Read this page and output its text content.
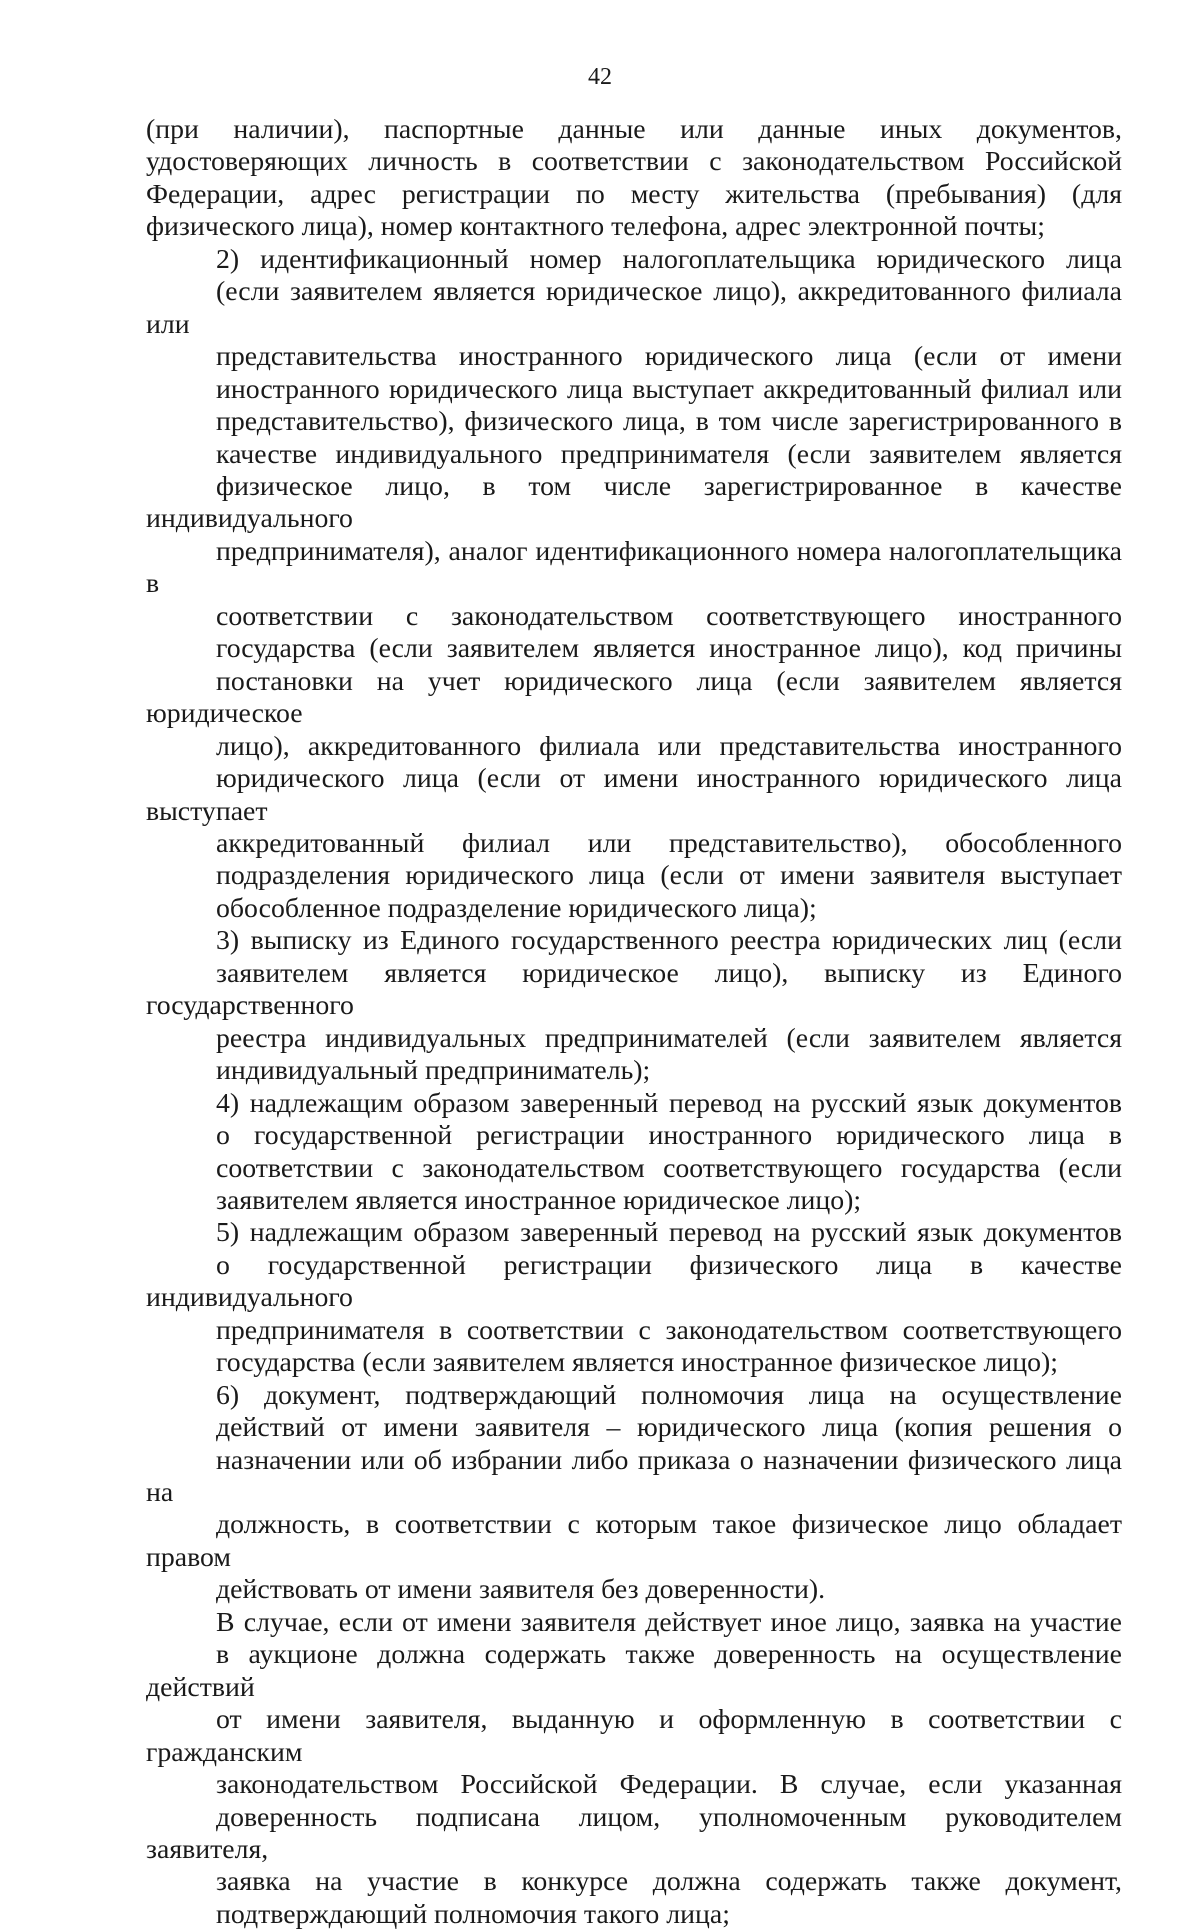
42

(при наличии), паспортные данные или данные иных документов,
удостоверяющих личность в соответствии с законодательством Российской
Федерации, адрес регистрации по месту жительства (пребывания) (для
физического лица), номер контактного телефона, адрес электронной почты;

2) идентификационный номер налогоплательщика юридического лица
(если заявителем является юридическое лицо), аккредитованного филиала или
представительства иностранного юридического лица (если от имени
иностранного юридического лица выступает аккредитованный филиал или
представительство), физического лица, в том числе зарегистрированного в
качестве индивидуального предпринимателя (если заявителем является
физическое лицо, в том числе зарегистрированное в качестве индивидуального
предпринимателя), аналог идентификационного номера налогоплательщика в
соответствии с законодательством соответствующего иностранного
государства (если заявителем является иностранное лицо), код причины
постановки на учет юридического лица (если заявителем является юридическое
лицо), аккредитованного филиала или представительства иностранного
юридического лица (если от имени иностранного юридического лица выступает
аккредитованный филиал или представительство), обособленного
подразделения юридического лица (если от имени заявителя выступает
обособленное подразделение юридического лица);

3) выписку из Единого государственного реестра юридических лиц (если
заявителем является юридическое лицо), выписку из Единого государственного
реестра индивидуальных предпринимателей (если заявителем является
индивидуальный предприниматель);

4) надлежащим образом заверенный перевод на русский язык документов
о государственной регистрации иностранного юридического лица в
соответствии с законодательством соответствующего государства (если
заявителем является иностранное юридическое лицо);

5) надлежащим образом заверенный перевод на русский язык документов
о государственной регистрации физического лица в качестве индивидуального
предпринимателя в соответствии с законодательством соответствующего
государства (если заявителем является иностранное физическое лицо);

6) документ, подтверждающий полномочия лица на осуществление
действий от имени заявителя – юридического лица (копия решения о
назначении или об избрании либо приказа о назначении физического лица на
должность, в соответствии с которым такое физическое лицо обладает правом
действовать от имени заявителя без доверенности).

В случае, если от имени заявителя действует иное лицо, заявка на участие
в аукционе должна содержать также доверенность на осуществление действий
от имени заявителя, выданную и оформленную в соответствии с гражданским
законодательством Российской Федерации. В случае, если указанная
доверенность подписана лицом, уполномоченным руководителем заявителя,
заявка на участие в конкурсе должна содержать также документ,
подтверждающий полномочия такого лица;
